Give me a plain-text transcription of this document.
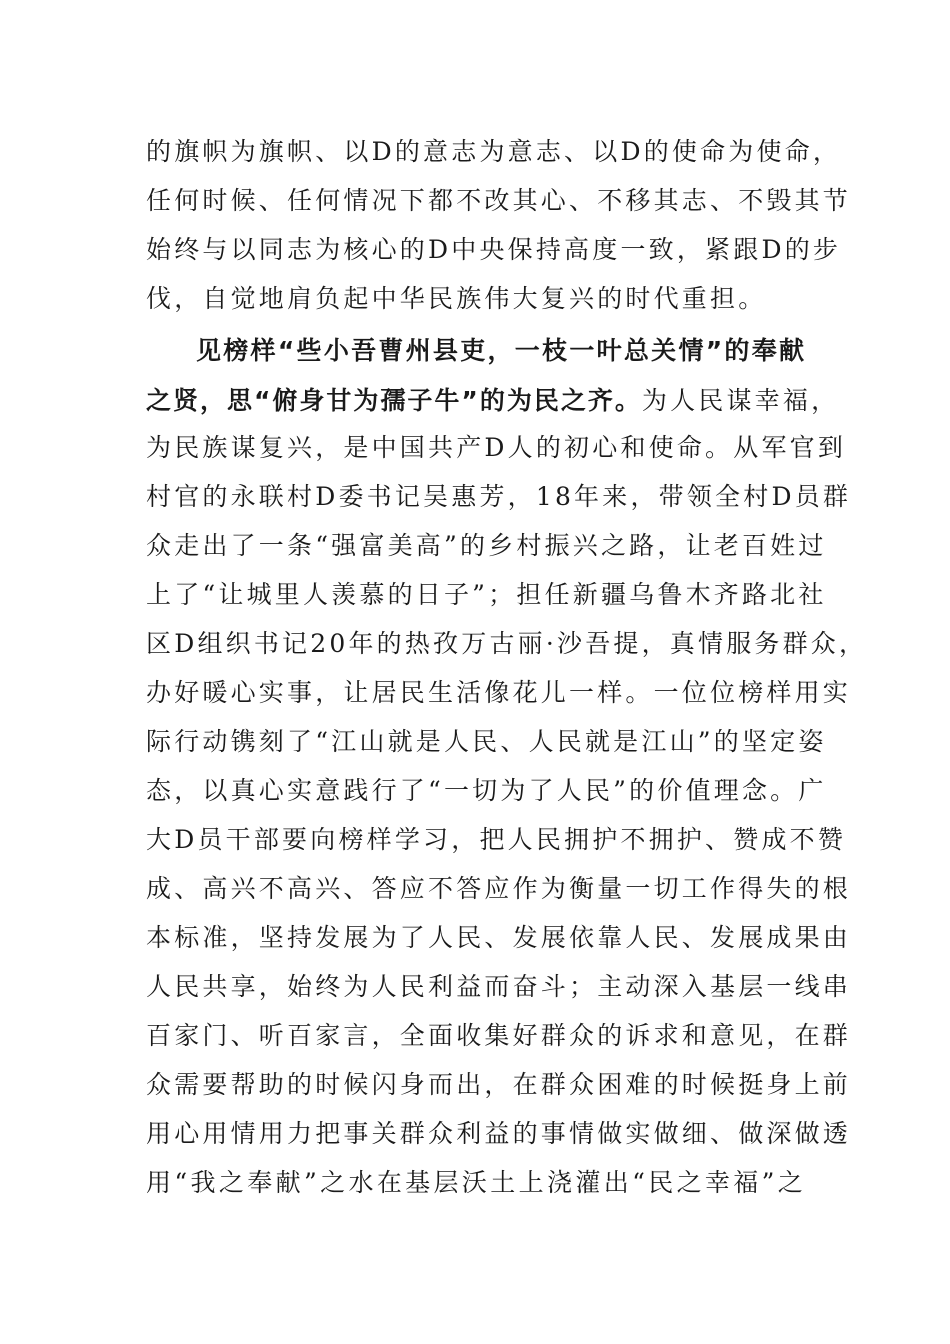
的旗帜为旗帜、以D的意志为意志、以D的使命为使命，
任何时候、任何情况下都不改其心、不移其志、不毁其节
始终与以同志为核心的D中央保持高度一致，紧跟D的步
伐，自觉地肩负起中华民族伟大复兴的时代重担。
见榜样“些小吾曹州县吏，一枝一叶总关情”的奉献
之贤，思“俯身甘为孺子牛”的为民之齐。为人民谋幸福，
为民族谋复兴，是中国共产D人的初心和使命。从军官到
村官的永联村D委书记吴惠芳，18年来，带领全村D员群
众走出了一条“强富美高”的乡村振兴之路，让老百姓过
上了“让城里人羡慕的日子”；担任新疆乌鲁木齐路北社
区D组织书记20年的热孜万古丽·沙吾提，真情服务群众，
办好暖心实事，让居民生活像花儿一样。一位位榜样用实
际行动镌刻了“江山就是人民、人民就是江山”的坚定姿
态，以真心实意践行了“一切为了人民”的价值理念。广
大D员干部要向榜样学习，把人民拥护不拥护、赞成不赞
成、高兴不高兴、答应不答应作为衡量一切工作得失的根
本标准，坚持发展为了人民、发展依靠人民、发展成果由
人民共享，始终为人民利益而奋斗；主动深入基层一线串
百家门、听百家言，全面收集好群众的诉求和意见，在群
众需要帮助的时候闪身而出，在群众困难的时候挺身上前
用心用情用力把事关群众利益的事情做实做细、做深做透
用“我之奉献”之水在基层沃土上浇灌出“民之幸福”之
